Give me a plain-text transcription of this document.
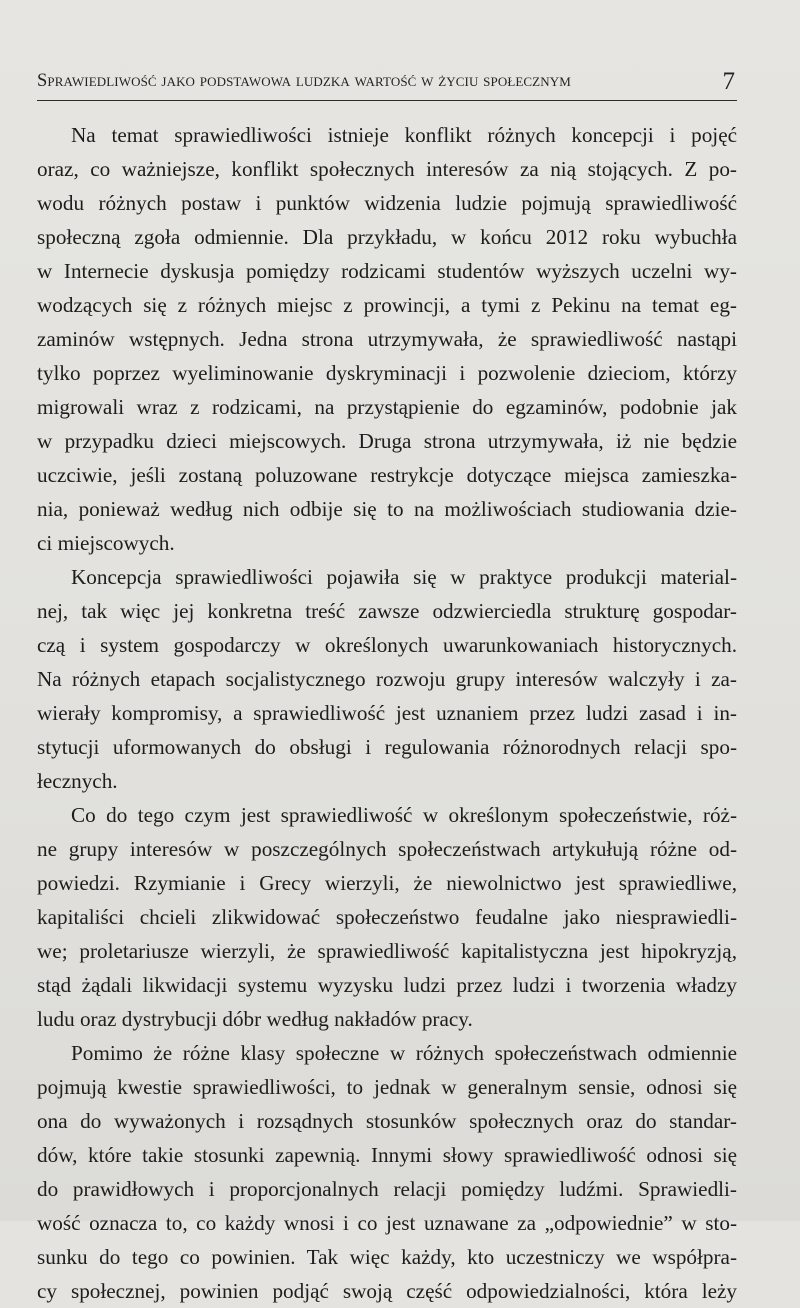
Sprawiedliwość jako podstawowa ludzka wartość w życiu społecznym	7
Na temat sprawiedliwości istnieje konflikt różnych koncepcji i pojęć
oraz, co ważniejsze, konflikt społecznych interesów za nią stojących. Z po-
wodu różnych postaw i punktów widzenia ludzie pojmują sprawiedliwość
społeczną zgoła odmiennie. Dla przykładu, w końcu 2012 roku wybuchła
w Internecie dyskusja pomiędzy rodzicami studentów wyższych uczelni wy-
wodzących się z różnych miejsc z prowincji, a tymi z Pekinu na temat eg-
zaminów wstępnych. Jedna strona utrzymywała, że sprawiedliwość nastąpi
tylko poprzez wyeliminowanie dyskryminacji i pozwolenie dzieciom, którzy
migrowali wraz z rodzicami, na przystąpienie do egzaminów, podobnie jak
w przypadku dzieci miejscowych. Druga strona utrzymywała, iż nie będzie
uczciwie, jeśli zostaną poluzowane restrykcje dotyczące miejsca zamieszka-
nia, ponieważ według nich odbije się to na możliwościach studiowania dzie-
ci miejscowych.
Koncepcja sprawiedliwości pojawiła się w praktyce produkcji material-
nej, tak więc jej konkretna treść zawsze odzwierciedla strukturę gospodar-
czą i system gospodarczy w określonych uwarunkowaniach historycznych.
Na różnych etapach socjalistycznego rozwoju grupy interesów walczyły i za-
wierały kompromisy, a sprawiedliwość jest uznaniem przez ludzi zasad i in-
stytucji uformowanych do obsługi i regulowania różnorodnych relacji spo-
łecznych.
Co do tego czym jest sprawiedliwość w określonym społeczeństwie, róż-
ne grupy interesów w poszczególnych społeczeństwach artykułują różne od-
powiedzi. Rzymianie i Grecy wierzyli, że niewolnictwo jest sprawiedliwe,
kapitaliści chcieli zlikwidować społeczeństwo feudalne jako niesprawiedli-
we; proletariusze wierzyli, że sprawiedliwość kapitalistyczna jest hipokryzją,
stąd żądali likwidacji systemu wyzysku ludzi przez ludzi i tworzenia władzy
ludu oraz dystrybucji dóbr według nakładów pracy.
Pomimo że różne klasy społeczne w różnych społeczeństwach odmiennie
pojmują kwestie sprawiedliwości, to jednak w generalnym sensie, odnosi się
ona do wyważonych i rozsądnych stosunków społecznych oraz do standar-
dów, które takie stosunki zapewnią. Innymi słowy sprawiedliwość odnosi się
do prawidłowych i proporcjonalnych relacji pomiędzy ludźmi. Sprawiedli-
wość oznacza to, co każdy wnosi i co jest uznawane za „odpowiednie” w sto-
sunku do tego co powinien. Tak więc każdy, kto uczestniczy we współpra-
cy społecznej, powinien podjąć swoją część odpowiedzialności, która leży
